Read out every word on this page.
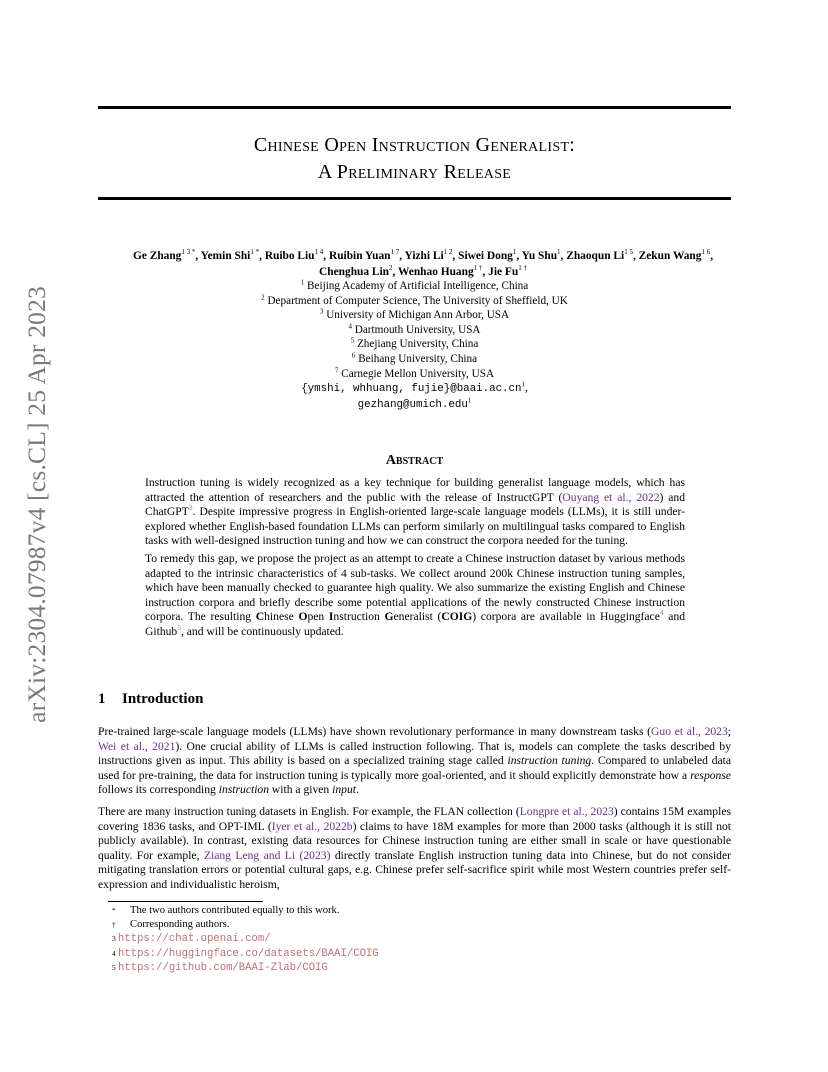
arXiv:2304.07987v4 [cs.CL] 25 Apr 2023
Chinese Open Instruction Generalist:
A Preliminary Release
Ge Zhang$^{1 3 *}$, Yemin Shi$^{1 *}$, Ruibo Liu$^{1 4}$, Ruibin Yuan$^{1 7}$, Yizhi $Li^{1 2}$, Siwei Dong$^1$, Yu Shu$^1$, Zhaoqun $Li^{1 5}$, Zekun Wang$^{1 6}$,
Chenghua Lin$^2$, Wenhao Huang$^{1 \dagger}$, Jie $Fu^{1 \dagger}$
$^1$ Beijing Academy of Artificial Intelligence, China
$^2$ Department of Computer Science, The University of Sheffield, UK
$^3$ University of Michigan Ann Arbor, USA
$^4$ Dartmouth University, USA
$^5$ Zhejiang University, China
$^6$ Beihang University, China
$^7$ Carnegie Mellon University, USA
{ymshi, whhuang, $fujie\}@baai.ac.cn^1$,
gezhang@umich.edu$^1$
Abstract

Instruction tuning is widely recognized as a key technique for building generalist language models, which has attracted the attention of researchers and the public with the release of InstructGPT (Ouyang et al., 2022) and ChatGPT$^3$. Despite impressive progress in English-oriented large-scale language models (LLMs), it is still under-explored whether English-based foundation LLMs can perform similarly on multilingual tasks compared to English tasks with well-designed instruction tuning and how we can construct the corpora needed for the tuning.

To remedy this gap, we propose the project as an attempt to create a Chinese instruction dataset by various methods adapted to the intrinsic characteristics of 4 sub-tasks. We collect around 200k Chinese instruction tuning samples, which have been manually checked to guarantee high quality. We also summarize the existing English and Chinese instruction corpora and briefly describe some potential applications of the newly constructed Chinese instruction corpora. The resulting Chinese Open Instruction Generalist (COIG) corpora are available in Huggingface$^4$ and Github$^5$, and will be continuously updated.

1 Introduction

Pre-trained large-scale language models (LLMs) have shown revolutionary performance in many downstream tasks (Guo et al., 2023; Wei et al., 2021). One crucial ability of LLMs is called instruction following. That is, models can complete the tasks described by instructions given as input. This ability is based on a specialized training stage called instruction tuning. Compared to unlabeled data used for pre-training, the data for instruction tuning is typically more goal-oriented, and it should explicitly demonstrate how a response follows its corresponding instruction with a given input.

There are many instruction tuning datasets in English. For example, the FLAN collection (Longpre et al., 2023) contains 15M examples covering 1836 tasks, and OPT-IML (Iyer et al., 2022b) claims to have 18M examples for more than 2000 tasks (although it is still not publicly available). In contrast, existing data resources for Chinese instruction tuning are either small in scale or have questionable quality. For example, Ziang Leng and Li (2023) directly translate English instruction tuning data into Chinese, but do not consider mitigating translation errors or potential cultural gaps, e.g. Chinese prefer self-sacrifice spirit while most Western countries prefer self-expression and individualistic heroism,

* The two authors contributed equally to this work.
† Corresponding authors.
3 https://chat.openai.com/
4 https://huggingface.co/datasets/BAAI/COIG
5 https://github.com/BAAI-Zlab/COIG
